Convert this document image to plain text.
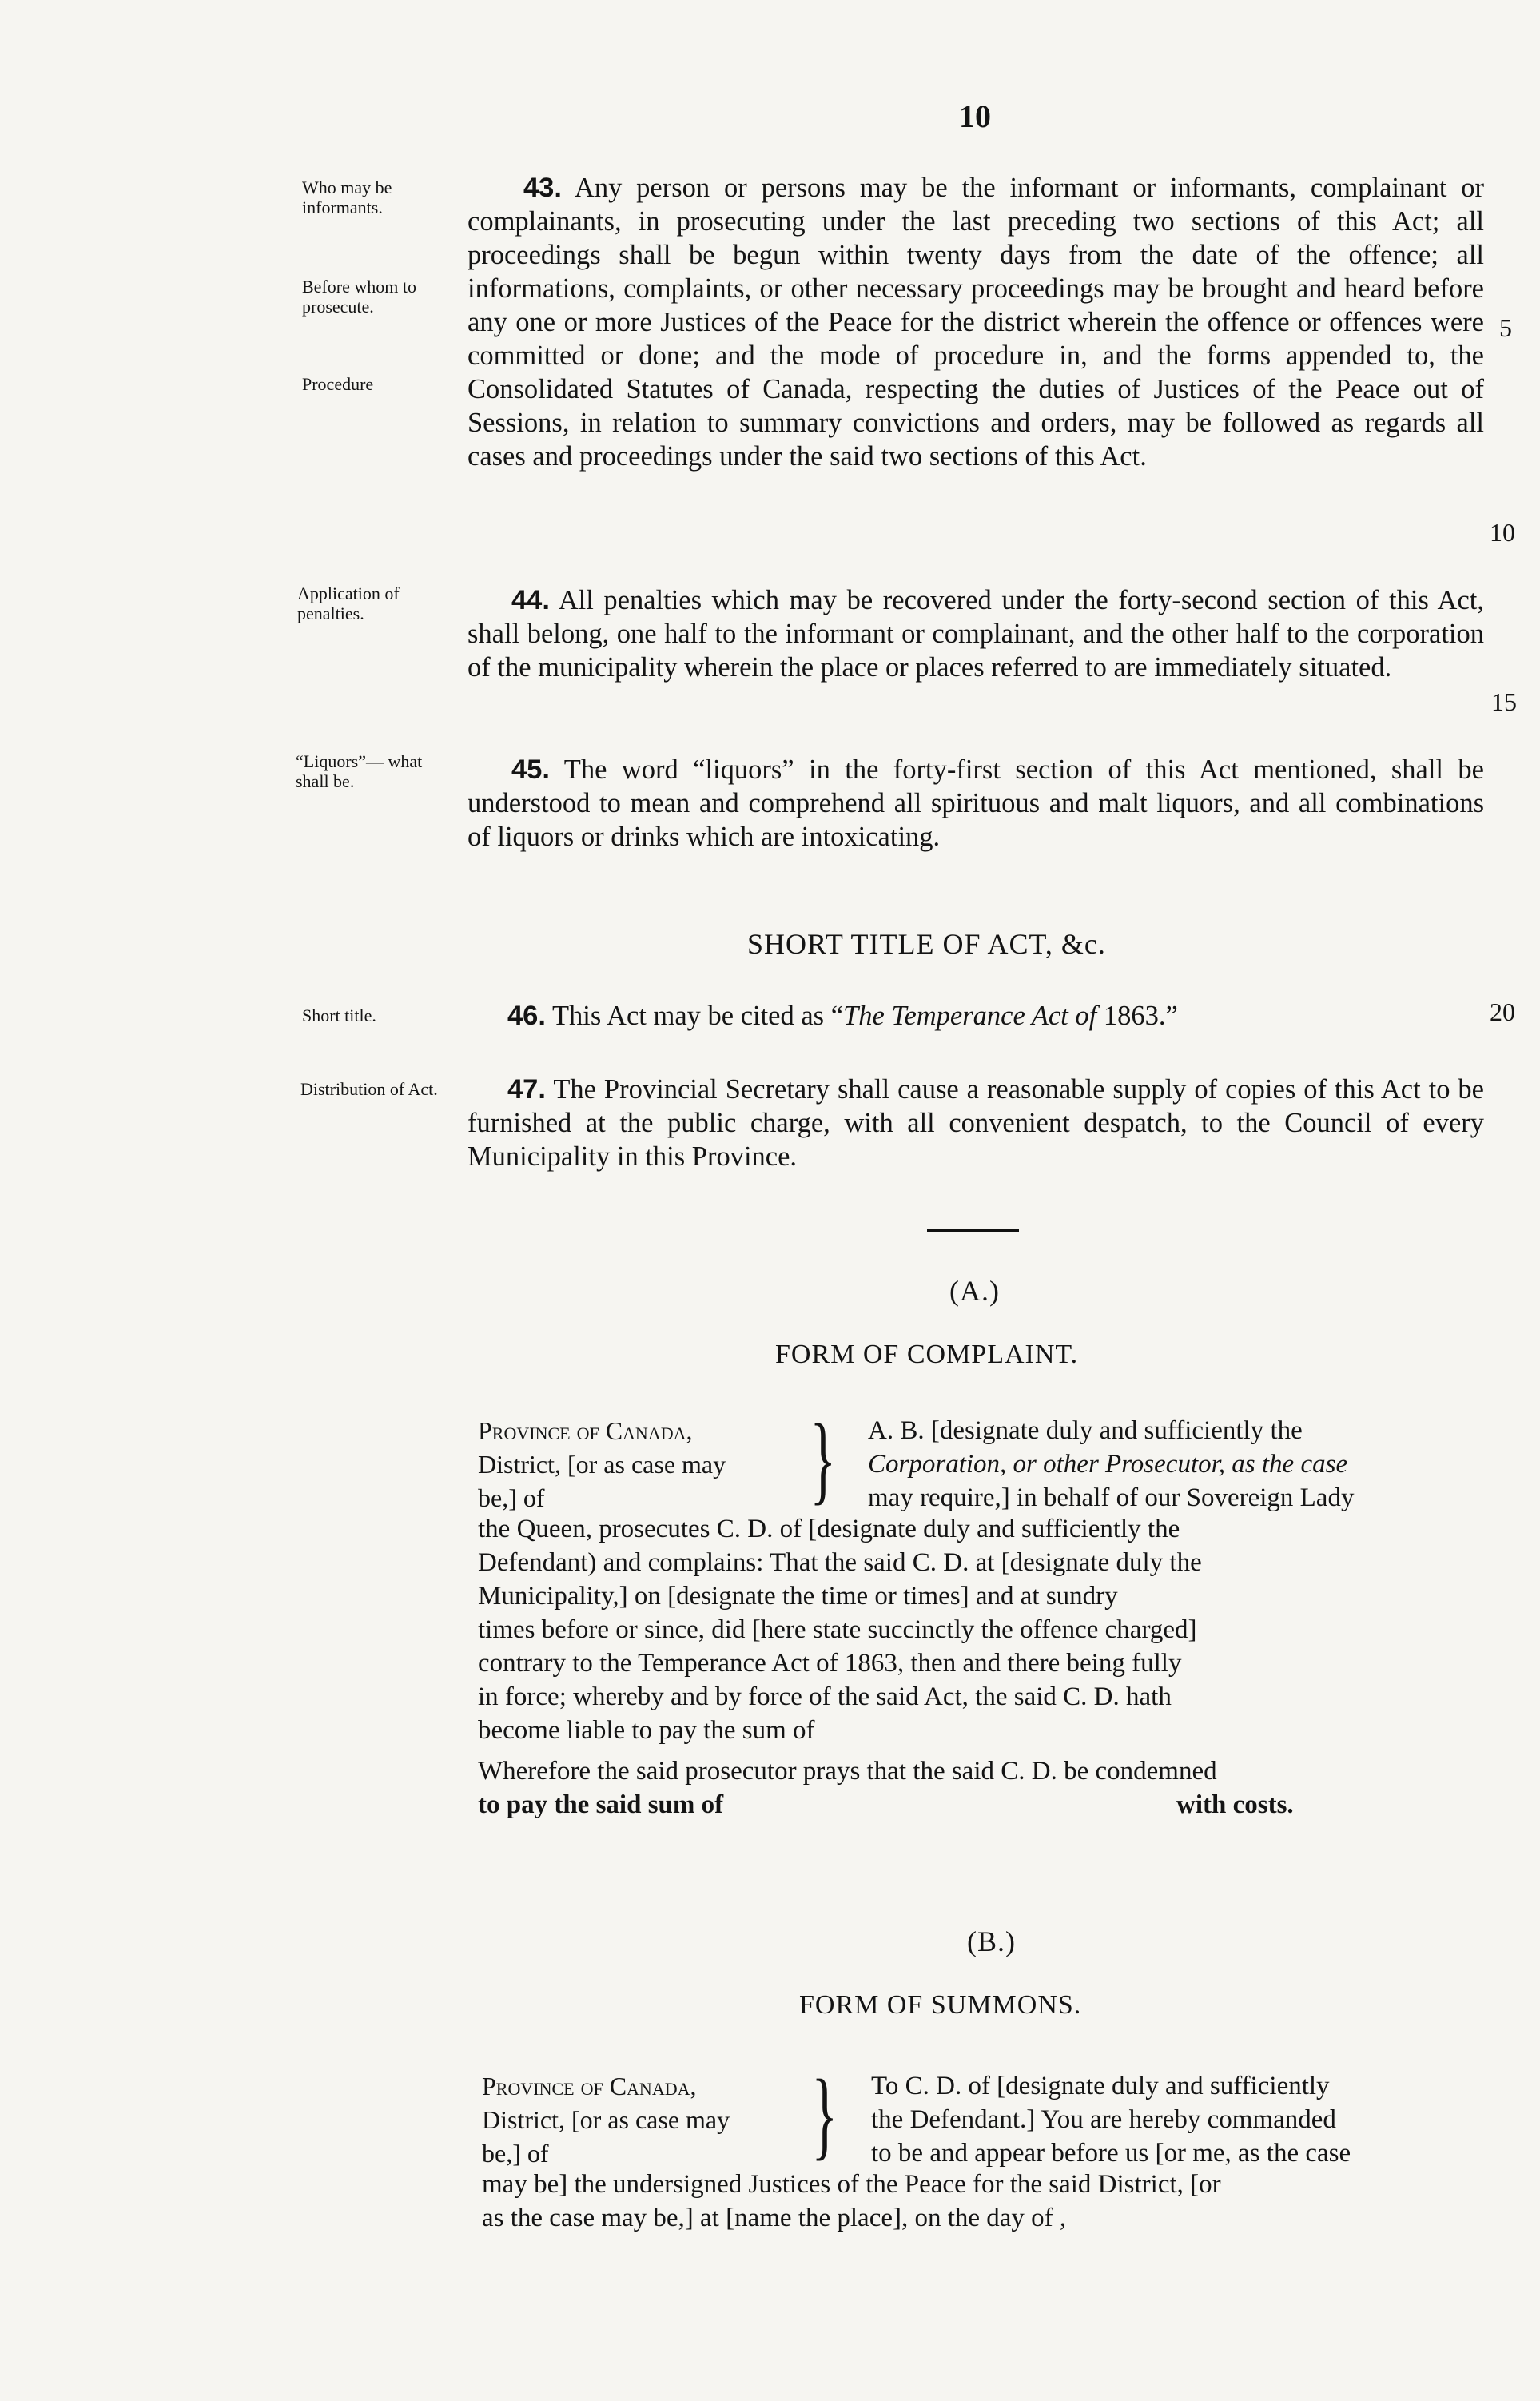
10
Who may be informants.
Before whom to prosecute.
Procedure
Application of penalties.
“Liquors”— what shall be.
Short title.
Distribution of Act.
5
10
15
20

43. Any person or persons may be the informant or informants, complainant or complainants, in prosecuting under the last preceding two sections of this Act; all proceedings shall be begun within twenty days from the date of the offence; all informations, complaints, or other necessary proceedings may be brought and heard before any one or more Justices of the Peace for the district wherein the offence or offences were committed or done; and the mode of procedure in, and the forms appended to, the Consolidated Statutes of Canada, respecting the duties of Justices of the Peace out of Sessions, in relation to summary convictions and orders, may be followed as regards all cases and proceedings under the said two sections of this Act.

44. All penalties which may be recovered under the forty-second section of this Act, shall belong, one half to the informant or complainant, and the other half to the corporation of the municipality wherein the place or places referred to are immediately situated.

45. The word “liquors” in the forty-first section of this Act mentioned, shall be understood to mean and comprehend all spirituous and malt liquors, and all combinations of liquors or drinks which are intoxicating.

SHORT TITLE OF ACT, &c.

46. This Act may be cited as “The Temperance Act of 1863.”

47. The Provincial Secretary shall cause a reasonable supply of copies of this Act to be furnished at the public charge, with all convenient despatch, to the Council of every Municipality in this Province.

(A.)
FORM OF COMPLAINT.
Province of Canada,
District, [or as case may
be,] of	} A. B. [designate duly and sufficiently the
Corporation, or other Prosecutor, as the case
may require,] in behalf of our Sovereign Lady
the Queen, prosecutes C. D. of [designate duly and sufficiently the
Defendant) and complains: That the said C. D. at [designate duly the
Municipality,] on [designate the time or times] and at sundry
times before or since, did [here state succinctly the offence charged]
contrary to the Temperance Act of 1863, then and there being fully
in force; whereby and by force of the said Act, the said C. D. hath
become liable to pay the sum of
Wherefore the said prosecutor prays that the said C. D. be condemned
to pay the said sum of	with costs.
(B.)
FORM OF SUMMONS.
Province of Canada,
District, [or as case may
be,] of	} To C. D. of [designate duly and sufficiently
the Defendant.] You are hereby commanded
to be and appear before us [or me, as the case
may be] the undersigned Justices of the Peace for the said District, [or
as the case may be,] at [name the place], on the day of ,
